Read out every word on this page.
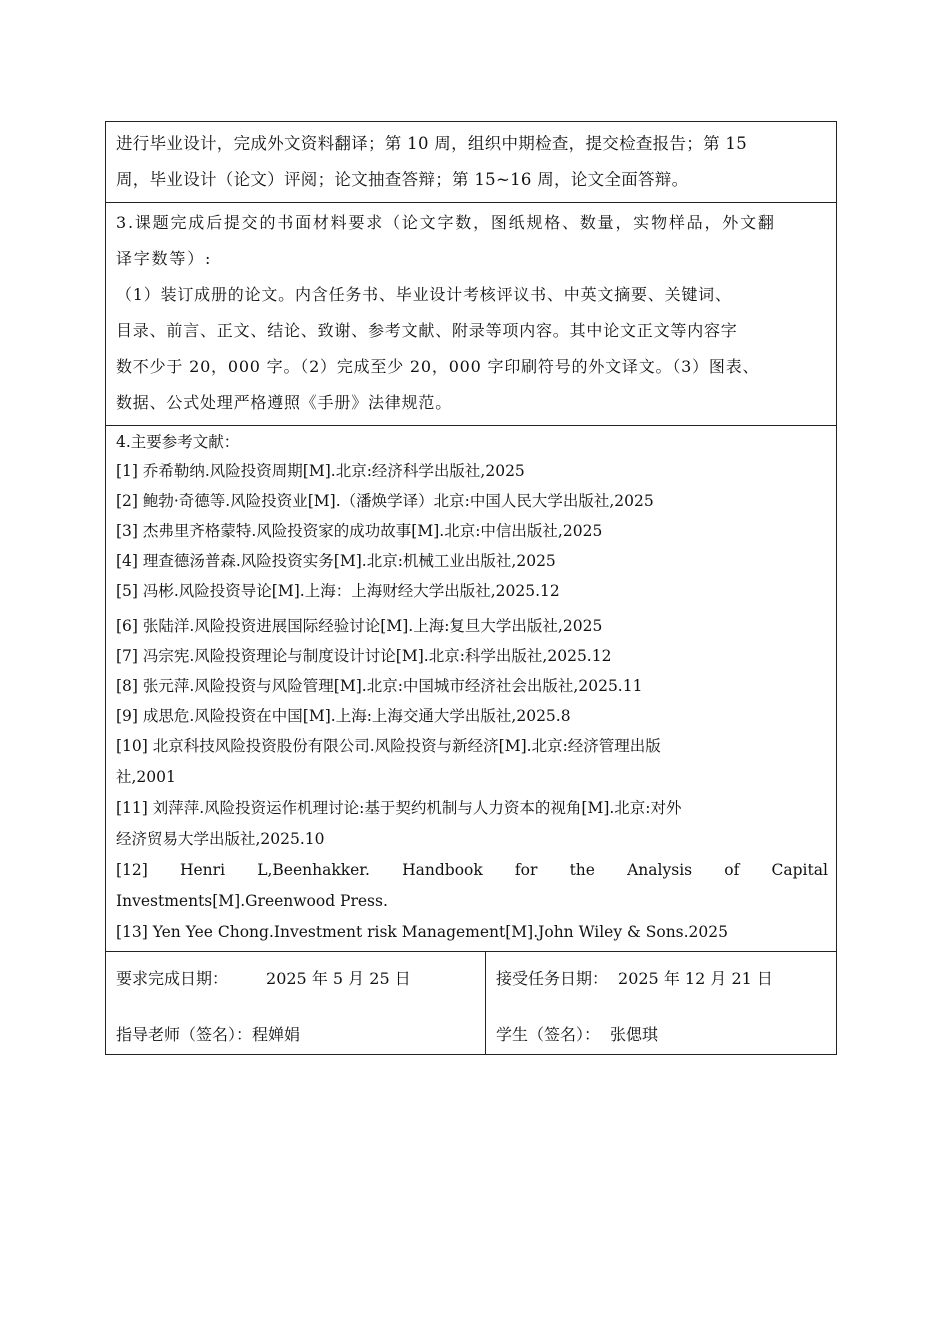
进行毕业设计，完成外文资料翻译；第 10 周，组织中期检查，提交检查报告；第 15
周，毕业设计（论文）评阅；论文抽查答辩；第 15~16 周，论文全面答辩。
3.课题完成后提交的书面材料要求（论文字数，图纸规格、数量，实物样品，外文翻
译字数等）:
（1）装订成册的论文。内含任务书、毕业设计考核评议书、中英文摘要、关键词、
目录、前言、正文、结论、致谢、参考文献、附录等项内容。其中论文正文等内容字
数不少于 20，000 字。（2）完成至少 20，000 字印刷符号的外文译文。（3）图表、
数据、公式处理严格遵照《手册》法律规范。
4.主要参考文献：
[1] 乔希勒纳.风险投资周期[M].北京:经济科学出版社,2025
[2] 鲍勃·奇德等.风险投资业[M].（潘焕学译）北京:中国人民大学出版社,2025
[3] 杰弗里齐格蒙特.风险投资家的成功故事[M].北京:中信出版社,2025
[4] 理查德汤普森.风险投资实务[M].北京:机械工业出版社,2025
[5] 冯彬.风险投资导论[M].上海：上海财经大学出版社,2025.12
[6] 张陆洋.风险投资进展国际经验讨论[M].上海:复旦大学出版社,2025
[7] 冯宗宪.风险投资理论与制度设计讨论[M].北京:科学出版社,2025.12
[8] 张元萍.风险投资与风险管理[M].北京:中国城市经济社会出版社,2025.11
[9] 成思危.风险投资在中国[M].上海:上海交通大学出版社,2025.8
[10] 北京科技风险投资股份有限公司.风险投资与新经济[M].北京:经济管理出版
社,2001
[11] 刘萍萍.风险投资运作机理讨论:基于契约机制与人力资本的视角[M].北京:对外
经济贸易大学出版社,2025.10
[12] Henri L,Beenhakker. Handbook for the Analysis of Capital
Investments[M].Greenwood Press.
[13] Yen Yee Chong.Investment risk Management[M].John Wiley & Sons.2025
要求完成日期： 2025 年 5 月 25 日
指导老师（签名）：程婵娟
接受任务日期： 2025 年 12 月 21 日
学生（签名）： 张偲琪
